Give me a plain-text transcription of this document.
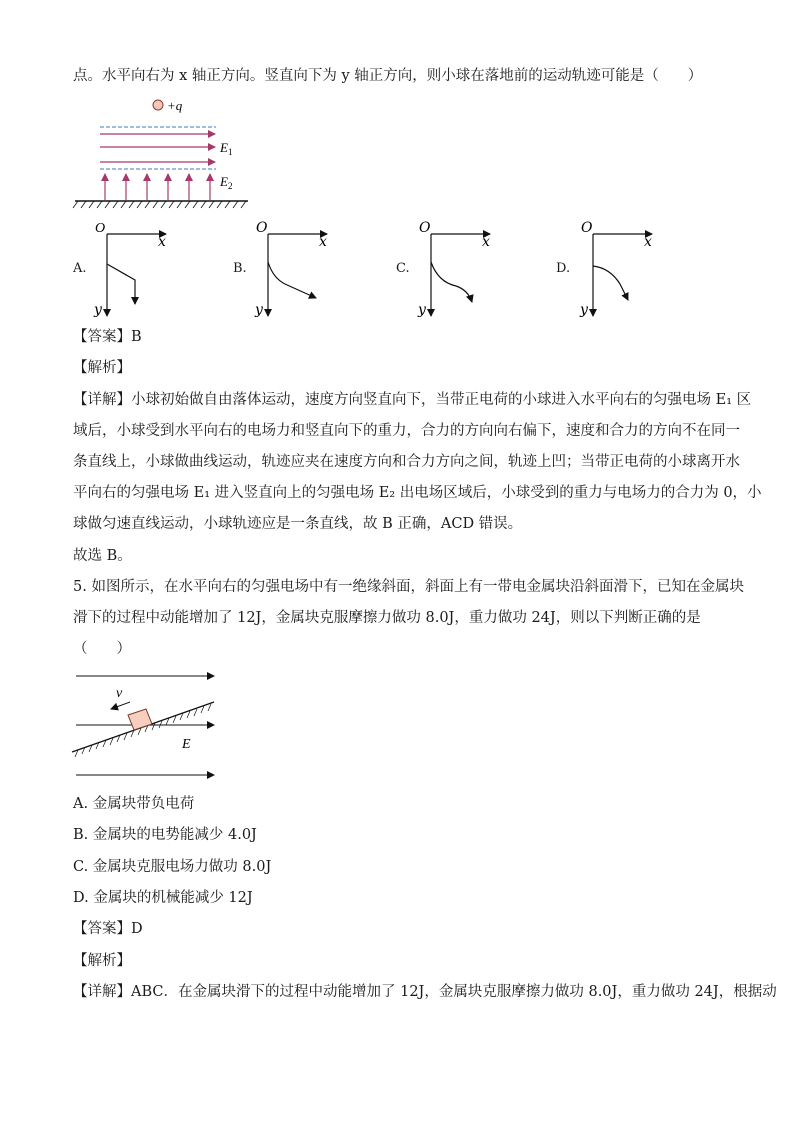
点。水平向右为 x 轴正方向。竖直向下为 y 轴正方向，则小球在落地前的运动轨迹可能是（　　）
+q
$E_1$
$E_2$
A.
O
x
y
B.
O
x
y
C.
O
x
y
D.
O
x
y
【答案】B
【解析】
【详解】小球初始做自由落体运动，速度方向竖直向下，当带正电荷的小球进入水平向右的匀强电场 E₁ 区
域后，小球受到水平向右的电场力和竖直向下的重力，合力的方向向右偏下，速度和合力的方向不在同一
条直线上，小球做曲线运动，轨迹应夹在速度方向和合力方向之间，轨迹上凹；当带正电荷的小球离开水
平向右的匀强电场 E₁ 进入竖直向上的匀强电场 E₂ 出电场区域后，小球受到的重力与电场力的合力为 0，小
球做匀速直线运动，小球轨迹应是一条直线，故 B 正确，ACD 错误。
故选 B。
5. 如图所示，在水平向右的匀强电场中有一绝缘斜面，斜面上有一带电金属块沿斜面滑下，已知在金属块
滑下的过程中动能增加了 12J，金属块克服摩擦力做功 8.0J，重力做功 24J，则以下判断正确的是
（　　）
v
E
A. 金属块带负电荷
B. 金属块的电势能减少 4.0J
C. 金属块克服电场力做功 8.0J
D. 金属块的机械能减少 12J
【答案】D
【解析】
【详解】ABC．在金属块滑下的过程中动能增加了 12J，金属块克服摩擦力做功 8.0J，重力做功 24J，根据动
